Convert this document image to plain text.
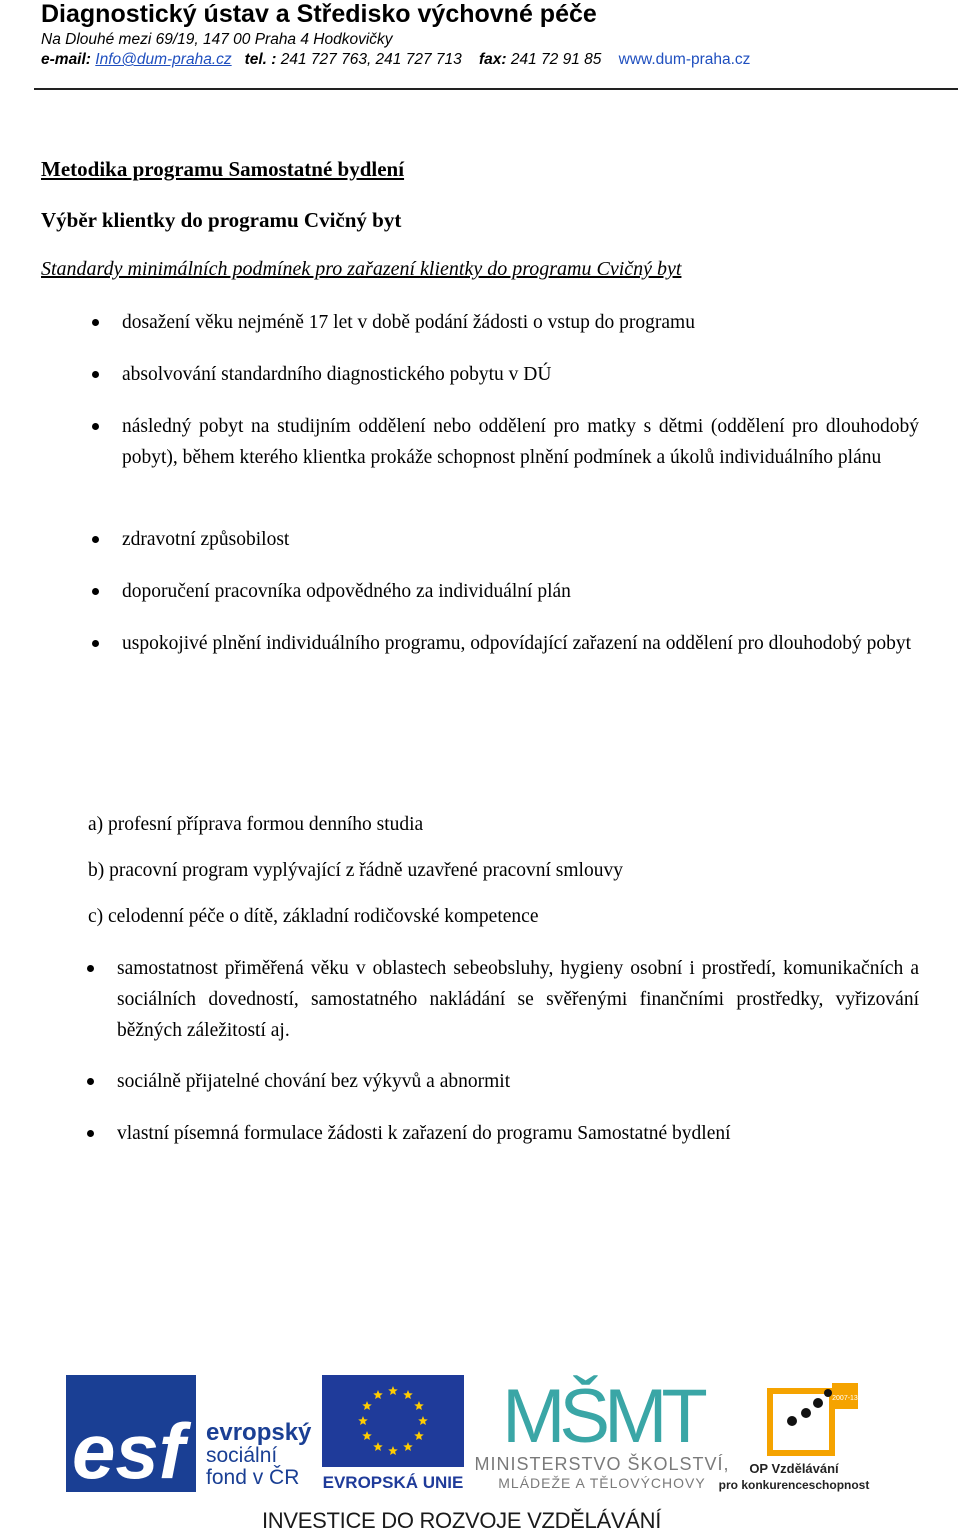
Diagnostický ústav a Středisko výchovné péče
Na Dlouhé mezi 69/19, 147 00 Praha 4 Hodkovičky
e-mail: Info@dum-praha.cz tel. : 241 727 763, 241 727 713 fax: 241 72 91 85 www.dum-praha.cz
Metodika programu Samostatné bydlení
Výběr klientky do programu Cvičný byt
Standardy minimálních podmínek pro zařazení klientky do programu Cvičný byt
dosažení věku nejméně 17 let v době podání žádosti o vstup do programu
absolvování standardního diagnostického pobytu v DÚ
následný pobyt na studijním oddělení nebo oddělení pro matky s dětmi (oddělení pro dlouhodobý pobyt), během kterého klientka prokáže schopnost plnění podmínek a úkolů individuálního plánu
zdravotní způsobilost
doporučení pracovníka odpovědného za individuální plán
uspokojivé plnění individuálního programu, odpovídající zařazení na oddělení pro dlouhodobý pobyt
a) profesní příprava formou denního studia
b) pracovní program vyplývající z řádně uzavřené pracovní smlouvy
c) celodenní péče o dítě, základní rodičovské kompetence
samostatnost přiměřená věku v oblastech sebeobsluhy, hygieny osobní i prostředí, komunikačních a sociálních dovedností, samostatného nakládání se svěřenými finančními prostředky, vyřizování běžných záležitostí aj.
sociálně přijatelné chování bez výkyvů a abnormit
vlastní písemná formulace žádosti k zařazení do programu Samostatné bydlení
esf evropský
sociální
fond v ČR EVROPSKÁ UNIE
MŠMT
MINISTERSTVO ŠKOLSTVÍ,
MLÁDEŽE A TĚLOVÝCHOVY
2007-13
OP Vzdělávání
pro konkurenceschopnost
INVESTICE DO ROZVOJE VZDĚLÁVÁNÍ
